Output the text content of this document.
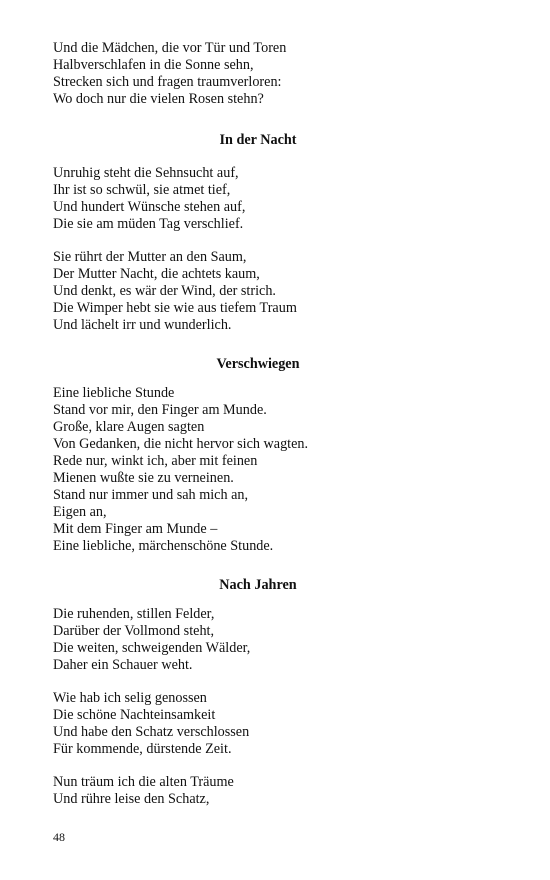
Und die Mädchen, die vor Tür und Toren
Halbverschlafen in die Sonne sehn,
Strecken sich und fragen traumverloren:
Wo doch nur die vielen Rosen stehn?
In der Nacht
Unruhig steht die Sehnsucht auf,
Ihr ist so schwül, sie atmet tief,
Und hundert Wünsche stehen auf,
Die sie am müden Tag verschlief.
Sie rührt der Mutter an den Saum,
Der Mutter Nacht, die achtets kaum,
Und denkt, es wär der Wind, der strich.
Die Wimper hebt sie wie aus tiefem Traum
Und lächelt irr und wunderlich.
Verschwiegen
Eine liebliche Stunde
Stand vor mir, den Finger am Munde.
Große, klare Augen sagten
Von Gedanken, die nicht hervor sich wagten.
Rede nur, winkt ich, aber mit feinen
Mienen wußte sie zu verneinen.
Stand nur immer und sah mich an,
Eigen an,
Mit dem Finger am Munde –
Eine liebliche, märchenschöne Stunde.
Nach Jahren
Die ruhenden, stillen Felder,
Darüber der Vollmond steht,
Die weiten, schweigenden Wälder,
Daher ein Schauer weht.
Wie hab ich selig genossen
Die schöne Nachteinsamkeit
Und habe den Schatz verschlossen
Für kommende, dürstende Zeit.
Nun träum ich die alten Träume
Und rühre leise den Schatz,
48
